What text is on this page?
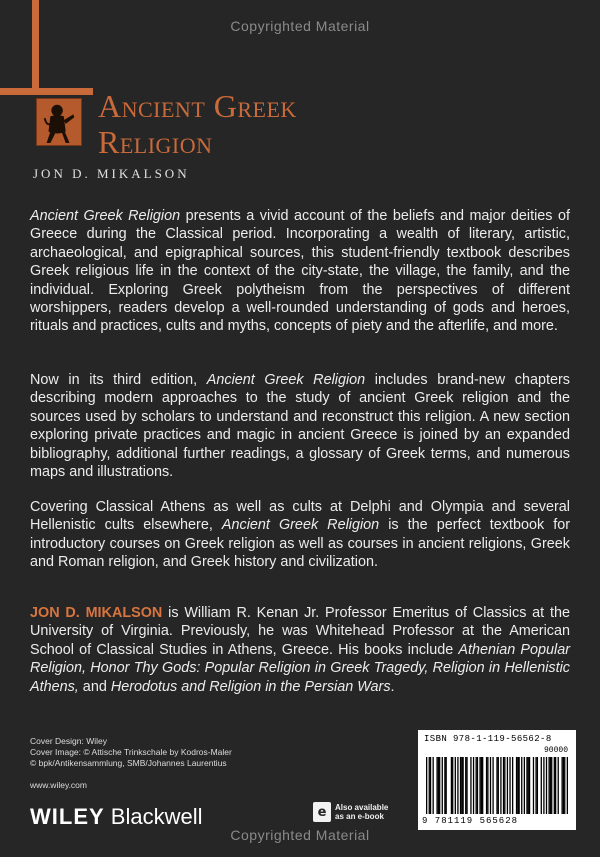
Copyrighted Material
Ancient Greek
Religion
JON D. MIKALSON
Ancient Greek Religion presents a vivid account of the beliefs and major deities of Greece during the Classical period. Incorporating a wealth of literary, artistic, archaeological, and epigraphical sources, this student-friendly textbook describes Greek religious life in the context of the city-state, the village, the family, and the individual. Exploring Greek polytheism from the perspectives of different worshippers, readers develop a well-rounded understanding of gods and heroes, rituals and practices, cults and myths, concepts of piety and the afterlife, and more.
Now in its third edition, Ancient Greek Religion includes brand-new chapters describing modern approaches to the study of ancient Greek religion and the sources used by scholars to understand and reconstruct this religion. A new section exploring private practices and magic in ancient Greece is joined by an expanded bibliography, additional further readings, a glossary of Greek terms, and numerous maps and illustrations.
Covering Classical Athens as well as cults at Delphi and Olympia and several Hellenistic cults elsewhere, Ancient Greek Religion is the perfect textbook for introductory courses on Greek religion as well as courses in ancient religions, Greek and Roman religion, and Greek history and civilization.
JON D. MIKALSON is William R. Kenan Jr. Professor Emeritus of Classics at the University of Virginia. Previously, he was Whitehead Professor at the American School of Classical Studies in Athens, Greece. His books include Athenian Popular Religion, Honor Thy Gods: Popular Religion in Greek Tragedy, Religion in Hellenistic Athens, and Herodotus and Religion in the Persian Wars.
Cover Design: Wiley
Cover Image: © Attische Trinkschale by Kodros-Maler
© bpk/Antikensammlung, SMB/Johannes Laurentius
www.wiley.com
WILEY Blackwell	e	Also available as an e-book
ISBN 978-1-119-56562-8
90000
9 781119 565628
Copyrighted Material
